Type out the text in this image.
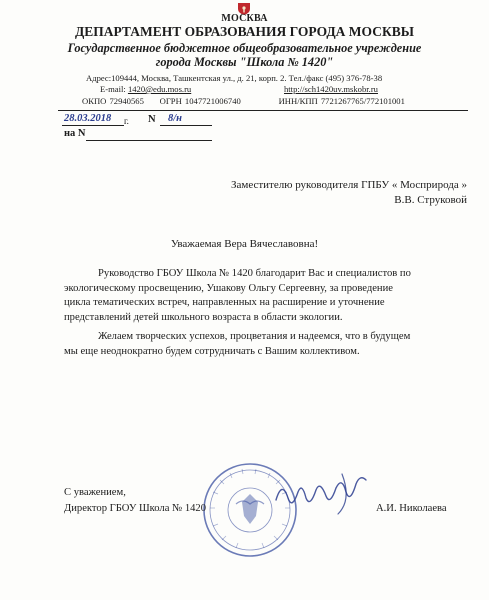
МОСКВА
ДЕПАРТАМЕНТ ОБРАЗОВАНИЯ ГОРОДА МОСКВЫ
Государственное бюджетное общеобразовательное учреждение
города Москвы "Школа № 1420"
Адрес:109444, Москва, Ташкентская ул., д. 21, корп. 2. Тел./факс (495) 376-78-38
E-mail: 1420@edu.mos.ru	http://sch1420uv.mskobr.ru
ОКПО 72940565 ОГРН 1047721006740	ИНН/КПП 7721267765/772101001
28.03.2018 г. N 8/н
на N
Заместителю руководителя ГПБУ « Мосприрода »
В.В. Струковой
Уважаемая Вера Вячеславовна!
Руководство ГБОУ Школа № 1420 благодарит Вас и специалистов по
экологическому просвещению, Ушакову Ольгу Сергеевну, за проведение
цикла тематических встреч, направленных на расширение и уточнение
представлений детей школьного возраста в области экологии.
Желаем творческих успехов, процветания и надеемся, что в будущем
мы еще неоднократно будем сотрудничать с Вашим коллективом.
С уважением,
Директор ГБОУ Школа № 1420	А.И. Николаева
